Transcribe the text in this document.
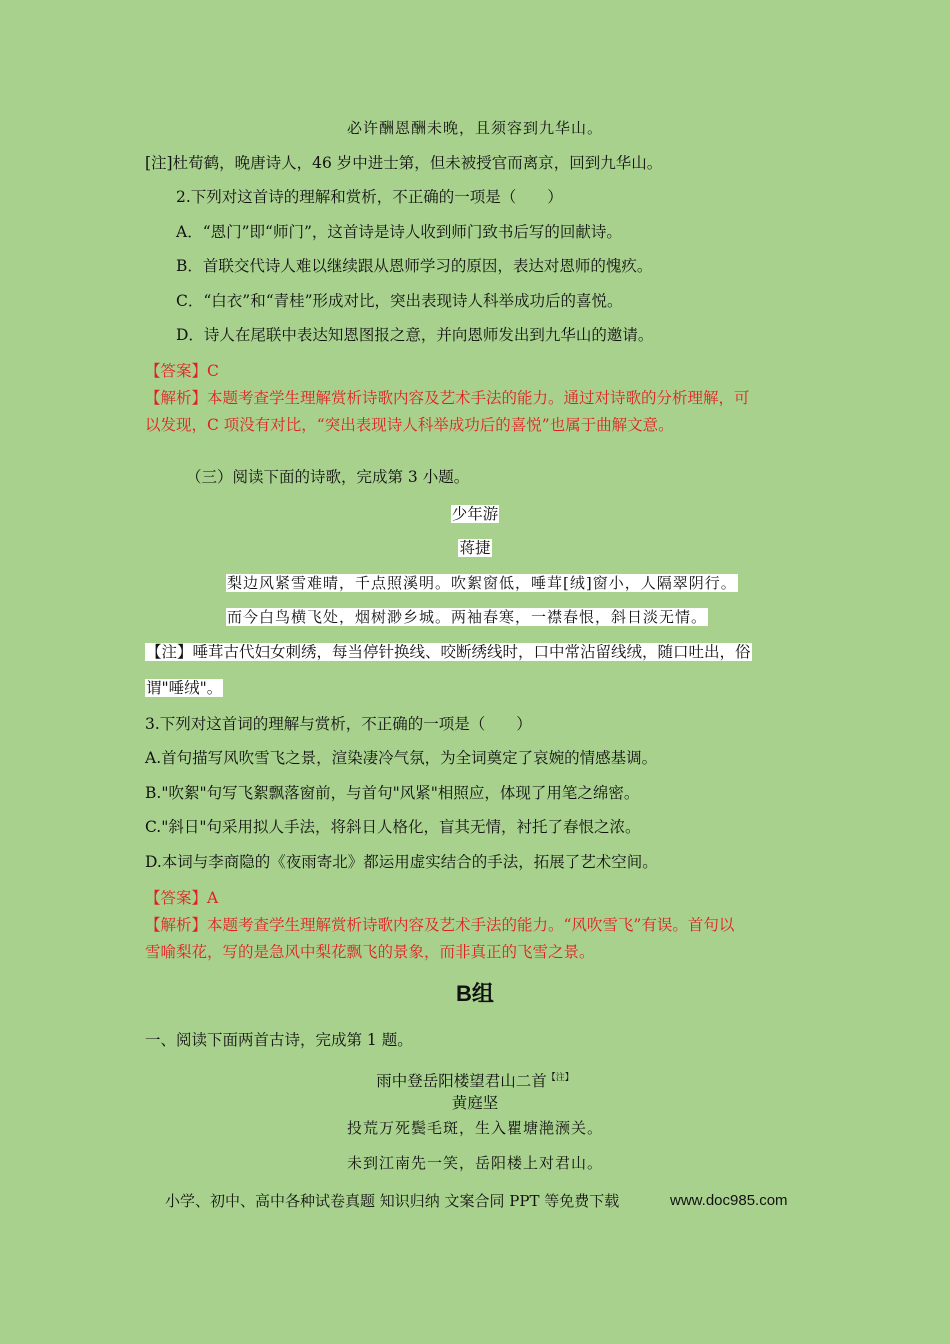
必许酬恩酬未晚，且须容到九华山。
[注]杜荀鹤，晚唐诗人，46 岁中进士第，但未被授官而离京，回到九华山。
2.下列对这首诗的理解和赏析，不正确的一项是（　　）
A．“恩门”即“师门”，这首诗是诗人收到师门致书后写的回献诗。
B．首联交代诗人难以继续跟从恩师学习的原因，表达对恩师的愧疚。
C．“白衣”和“青桂”形成对比，突出表现诗人科举成功后的喜悦。
D．诗人在尾联中表达知恩图报之意，并向恩师发出到九华山的邀请。
【答案】C
【解析】本题考查学生理解赏析诗歌内容及艺术手法的能力。通过对诗歌的分析理解，可
以发现，C 项没有对比，“突出表现诗人科举成功后的喜悦”也属于曲解文意。
（三）阅读下面的诗歌，完成第 3 小题。
少年游
蒋捷
梨边风紧雪难晴，千点照溪明。吹絮窗低，唾茸[绒]窗小，人隔翠阴行。
而今白鸟横飞处，烟树渺乡城。两袖春寒，一襟春恨，斜日淡无情。
【注】唾茸古代妇女刺绣，每当停针换线、咬断绣线时，口中常沾留线绒，随口吐出，俗
谓"唾绒"。
3.下列对这首词的理解与赏析，不正确的一项是（　　）
A.首句描写风吹雪飞之景，渲染凄冷气氛，为全词奠定了哀婉的情感基调。
B."吹絮"句写飞絮飘落窗前，与首句"风紧"相照应，体现了用笔之绵密。
C."斜日"句采用拟人手法，将斜日人格化，盲其无情，衬托了春恨之浓。
D.本词与李商隐的《夜雨寄北》都运用虚实结合的手法，拓展了艺术空间。
【答案】A
【解析】本题考查学生理解赏析诗歌内容及艺术手法的能力。“风吹雪飞”有误。首句以
雪喻梨花，写的是急风中梨花飘飞的景象，而非真正的飞雪之景。
B组
一、阅读下面两首古诗，完成第 1 题。
雨中登岳阳楼望君山二首$^{【注】}$
黄庭坚
投荒万死鬓毛斑，生入瞿塘滟滪关。
未到江南先一笑，岳阳楼上对君山。
小学、初中、高中各种试卷真题 知识归纳 文案合同 PPT 等免费下载	www.doc985.com
